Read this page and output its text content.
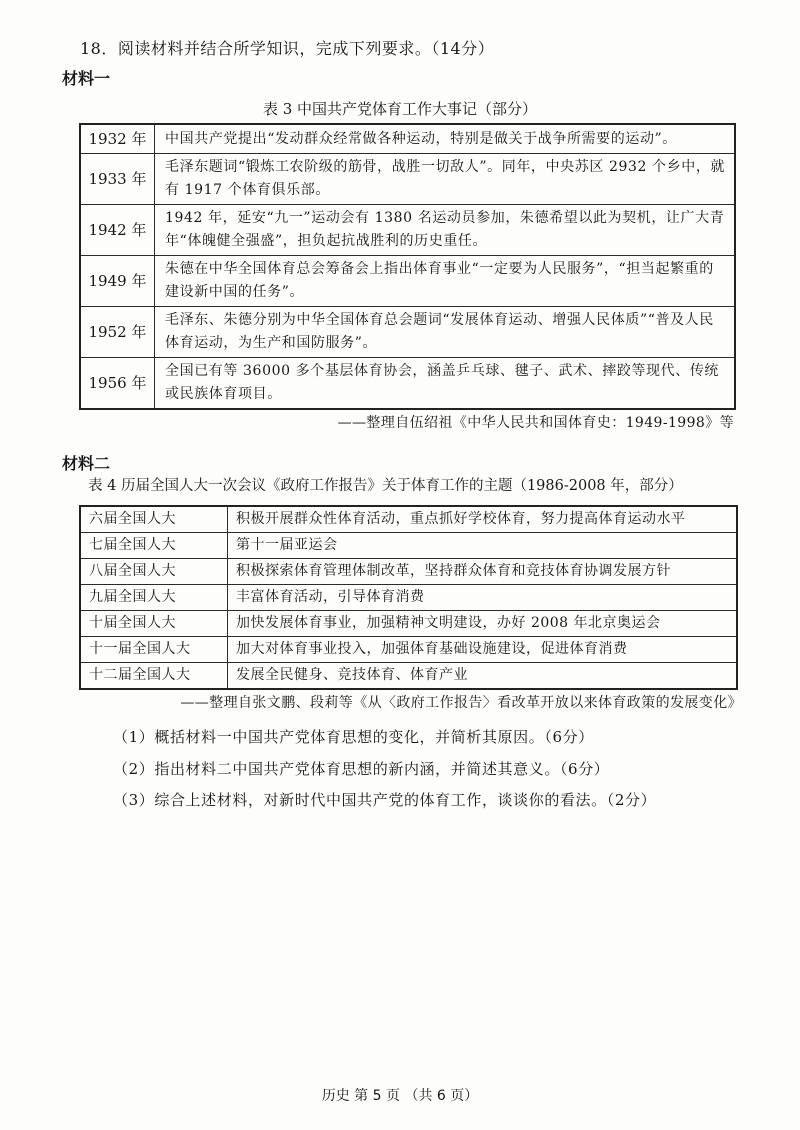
18．阅读材料并结合所学知识，完成下列要求。（14分）
材料一
表 3 中国共产党体育工作大事记（部分）
1932 年	中国共产党提出“发动群众经常做各种运动，特别是做关于战争所需要的运动”。
1933 年	毛泽东题词“锻炼工农阶级的筋骨，战胜一切敌人”。同年，中央苏区 2932 个乡中，就有 1917 个体育俱乐部。
1942 年	1942 年，延安“九一”运动会有 1380 名运动员参加，朱德希望以此为契机，让广大青年“体魄健全强盛”，担负起抗战胜利的历史重任。
1949 年	朱德在中华全国体育总会筹备会上指出体育事业“一定要为人民服务”，“担当起繁重的建设新中国的任务”。
1952 年	毛泽东、朱德分别为中华全国体育总会题词“发展体育运动、增强人民体质”“普及人民体育运动，为生产和国防服务”。
1956 年	全国已有等 36000 多个基层体育协会，涵盖乒乓球、毽子、武术、摔跤等现代、传统或民族体育项目。
——整理自伍绍祖《中华人民共和国体育史：1949-1998》等
材料二
表 4 历届全国人大一次会议《政府工作报告》关于体育工作的主题（1986-2008 年，部分）
六届全国人大	积极开展群众性体育活动，重点抓好学校体育，努力提高体育运动水平
七届全国人大	第十一届亚运会
八届全国人大	积极探索体育管理体制改革，坚持群众体育和竞技体育协调发展方针
九届全国人大	丰富体育活动，引导体育消费
十届全国人大	加快发展体育事业，加强精神文明建设，办好 2008 年北京奥运会
十一届全国人大	加大对体育事业投入，加强体育基础设施建设，促进体育消费
十二届全国人大	发展全民健身、竞技体育、体育产业
——整理自张文鹏、段莉等《从〈政府工作报告〉看改革开放以来体育政策的发展变化》
（1）概括材料一中国共产党体育思想的变化，并简析其原因。（6分）
（2）指出材料二中国共产党体育思想的新内涵，并简述其意义。（6分）
（3）综合上述材料，对新时代中国共产党的体育工作，谈谈你的看法。（2分）
历史 第 5 页 （共 6 页）
